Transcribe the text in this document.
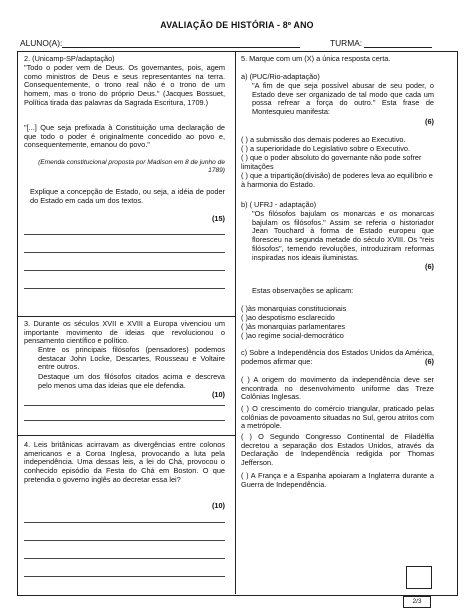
AVALIAÇÃO DE HISTÓRIA - 8º ANO
ALUNO(A):	TURMA:
2. (Unicamp-SP/adaptação)
"Todo o poder vem de Deus. Os governantes, pois, agem como ministros de Deus e seus representantes na terra. Consequentemente, o trono real não é o trono de um homem, mas o trono do próprio Deus." (Jacques Bossuet, Política tirada das palavras da Sagrada Escritura, 1709.)
"[...] Que seja prefixada à Constituição uma declaração de que todo o poder é originalmente concedido ao povo e, consequentemente, emanou do povo."
(Emenda constitucional proposta por Madison em 8 de junho de 1789)
Explique a concepção de Estado, ou seja, a idéia de poder do Estado em cada um dos textos.
(15)
3. Durante os séculos XVII e XVIII a Europa vivenciou um importante movimento de ideias que revolucionou o pensamento científico e político.
Entre os principais filósofos (pensadores) podemos destacar John Locke, Descartes, Rousseau e Voltaire entre outros.
Destaque um dos filósofos citados acima e descreva pelo menos uma das ideias que ele defendia.
(10)
4. Leis britânicas acirravam as divergências entre colonos americanos e a Coroa Inglesa, provocando a luta pela independência. Uma dessas leis, a lei do Chá, provocou o conhecido episódio da Festa do Chá em Boston. O que pretendia o governo inglês ao decretar essa lei?
(10)
5. Marque com um (X) a única resposta certa.
a) (PUC/Rio-adaptação)
"A fim de que seja possível abusar de seu poder, o Estado deve ser organizado de tal modo que cada um possa refrear a força do outro." Esta frase de Montesquieu manifesta:
(6)
( ) a submissão dos demais poderes ao Executivo.
( ) a superioridade do Legislativo sobre o Executivo.
( ) que o poder absoluto do governante não pode sofrer limitações
( ) que a tripartição(divisão) de poderes leva ao equilíbrio e à harmonia do Estado.
b) ( UFRJ - adaptação)
"Os filósofos bajulam os monarcas e os monarcas bajulam os filósofos." Assim se referia o historiador Jean Touchard à forma de Estado europeu que floresceu na segunda metade do século XVIII. Os "reis filósofos", temendo revoluções, introduziram reformas inspiradas nos ideais iluministas.
(6)
Estas observações se aplicam:
( )às monarquias constitucionais
( )ao despotismo esclarecido
( )às monarquias parlamentares
( )ao regime social-democrático
c) Sobre a Independência dos Estados Unidos da América, podemos afirmar que:	(6)
( ) A origem do movimento da independência deve ser encontrada no desenvolvimento uniforme das Treze Colônias Inglesas.
( ) O crescimento do comércio triangular, praticado pelas colônias de povoamento situadas no Sul, gerou atritos com a metrópole.
( ) O Segundo Congresso Continental de Filadélfia decretou a separação dos Estados Unidos, através da Declaração de Independência redigida por Thomas Jefferson.
( ) A França e a Espanha apoiaram a Inglaterra durante a Guerra de Independência.
2/3
